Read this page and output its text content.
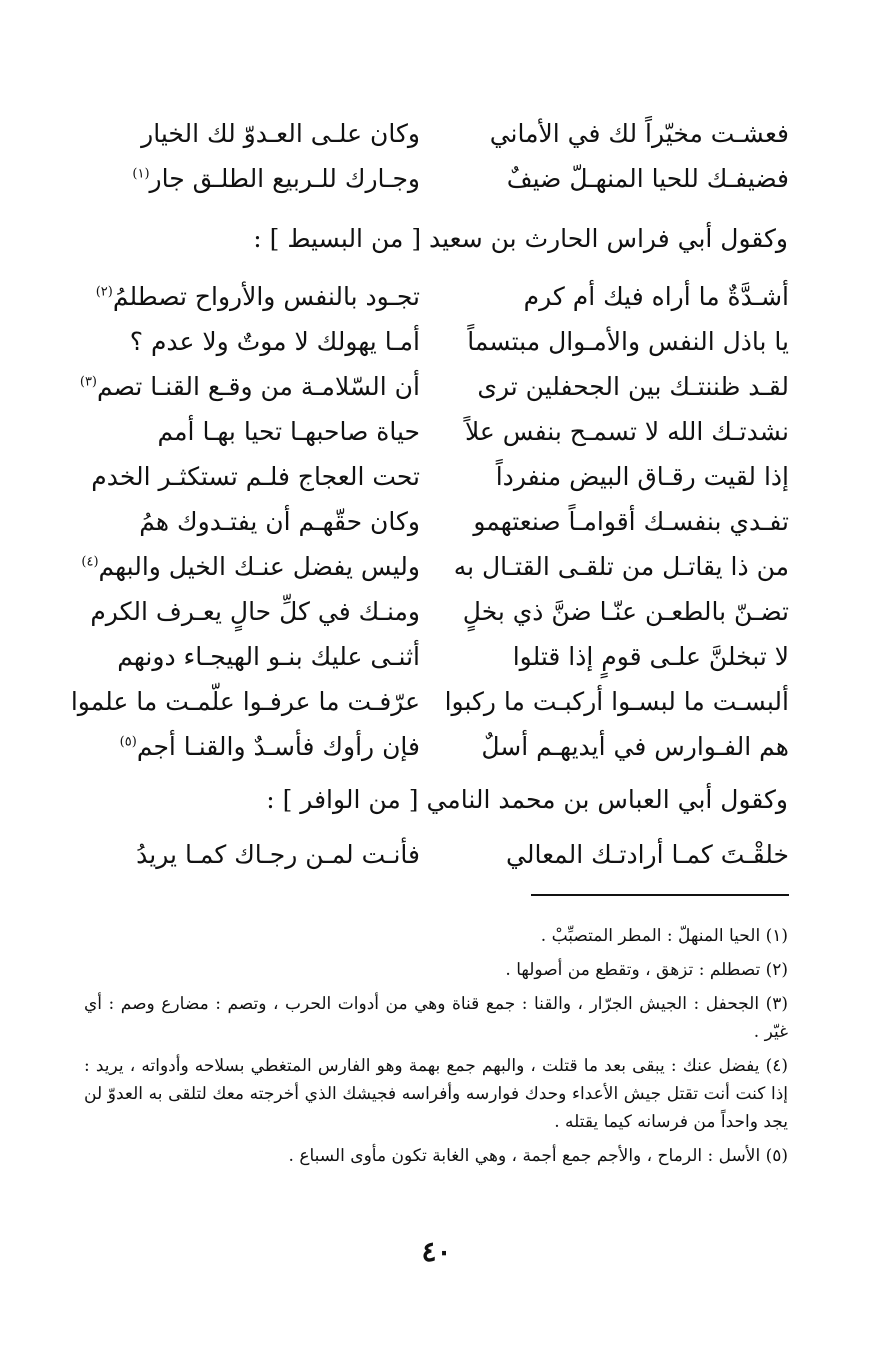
فعشـت مخيّراً لك في الأماني
وكان علـى العـدوّ لك الخيار
فضيفـك للحيا المنهـلّ ضيفٌ
وجـارك للـربيع الطلـق جار$^{(١)}$
وكقول أبي فراس الحارث بن سعيد [ من البسيط ] :
أشـدَّةٌ ما أراه فيك أم كرم
تجـود بالنفس والأرواح تصطلمُ$^{(٢)}$
يا باذل النفس والأمـوال مبتسماً
أمـا يهولك لا موتٌ ولا عدم ؟
لقـد ظننتـك بين الجحفلين ترى
أن السّلامـة من وقـع القنـا تصم$^{(٣)}$
نشدتـك الله لا تسمـح بنفس علاً
حياة صاحبهـا تحيا بهـا أمم
إذا لقيت رقـاق البيض منفرداً
تحت العجاج فلـم تستكثـر الخدم
تفـدي بنفسـك أقوامـاً صنعتهمو
وكان حقّهـم أن يفتـدوك همُ
من ذا يقاتـل من تلقـى القتـال به
وليس يفضل عنـك الخيل والبهم$^{(٤)}$
تضـنّ بالطعـن عنّـا ضنَّ ذي بخلٍ
ومنـك في كلِّ حالٍ يعـرف الكرم
لا تبخلنَّ علـى قومٍ إذا قتلوا
أثنـى عليك بنـو الهيجـاء دونهم
ألبسـت ما لبسـوا أركبـت ما ركبوا
عرّفـت ما عرفـوا علّمـت ما علموا
هم الفـوارس في أيديهـم أسلٌ
فإن رأوك فأسـدٌ والقنـا أجم$^{(٥)}$
وكقول أبي العباس بن محمد النامي [ من الوافر ] :
خلقْـتَ كمـا أرادتـك المعالي
فأنـت لمـن رجـاك كمـا يريدُ
(١) الحيا المنهلّ : المطر المتصبِّبْ .
(٢) تصطلم : تزهق ، وتقطع من أصولها .
(٣) الجحفل : الجيش الجرّار ، والقنا : جمع قناة وهي من أدوات الحرب ، وتصم : مضارع وصم : أي غيّر .
(٤) يفضل عنك : يبقى بعد ما قتلت ، والبهم جمع بهمة وهو الفارس المتغطي بسلاحه وأدواته ، يريد : إذا كنت أنت تقتل جيش الأعداء وحدك فوارسه وأفراسه فجيشك الذي أخرجته معك لتلقى به العدوّ لن يجد واحداً من فرسانه كيما يقتله .
(٥) الأسل : الرماح ، والأجم جمع أجمة ، وهي الغابة تكون مأوى السباع .
٤٠
